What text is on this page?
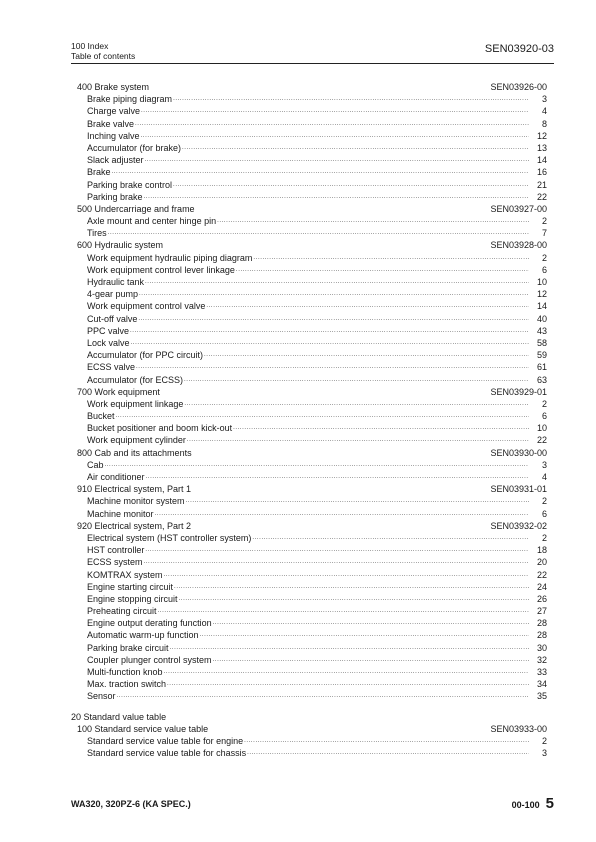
100 Index
Table of contents
SEN03920-03
400 Brake system	SEN03926-00
Brake piping diagram .....	3
Charge valve .....	4
Brake valve .....	8
Inching valve .....	12
Accumulator (for brake) .....	13
Slack adjuster .....	14
Brake .....	16
Parking brake control .....	21
Parking brake .....	22
500 Undercarriage and frame	SEN03927-00
Axle mount and center hinge pin .....	2
Tires .....	7
600 Hydraulic system	SEN03928-00
Work equipment hydraulic piping diagram .....	2
Work equipment control lever linkage .....	6
Hydraulic tank .....	10
4-gear pump .....	12
Work equipment control valve .....	14
Cut-off valve .....	40
PPC valve .....	43
Lock valve .....	58
Accumulator (for PPC circuit) .....	59
ECSS valve .....	61
Accumulator (for ECSS) .....	63
700 Work equipment	SEN03929-01
Work equipment linkage .....	2
Bucket .....	6
Bucket positioner and boom kick-out .....	10
Work equipment cylinder .....	22
800 Cab and its attachments	SEN03930-00
Cab .....	3
Air conditioner .....	4
910 Electrical system, Part 1	SEN03931-01
Machine monitor system .....	2
Machine monitor .....	6
920 Electrical system, Part 2	SEN03932-02
Electrical system (HST controller system) .....	2
HST controller .....	18
ECSS system .....	20
KOMTRAX system .....	22
Engine starting circuit .....	24
Engine stopping circuit .....	26
Preheating circuit .....	27
Engine output derating function .....	28
Automatic warm-up function .....	28
Parking brake circuit .....	30
Coupler plunger control system .....	32
Multi-function knob .....	33
Max. traction switch .....	34
Sensor .....	35
20 Standard value table
100 Standard service value table	SEN03933-00
Standard service value table for engine .....	2
Standard service value table for chassis .....	3
WA320, 320PZ-6 (KA SPEC.)	00-100 5
